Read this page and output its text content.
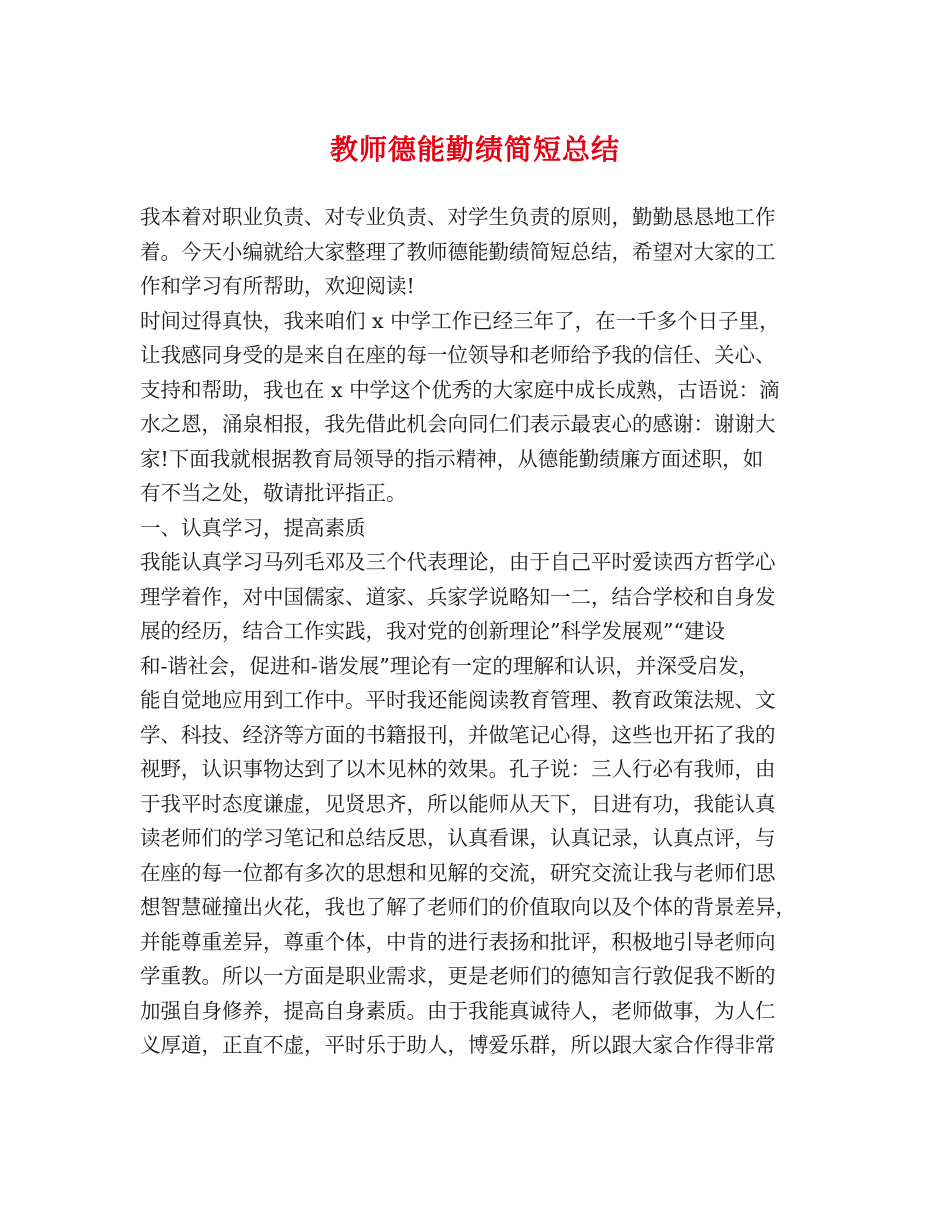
教师德能勤绩简短总结
我本着对职业负责、对专业负责、对学生负责的原则，勤勤恳恳地工作
着。今天小编就给大家整理了教师德能勤绩简短总结，希望对大家的工
作和学习有所帮助，欢迎阅读!
时间过得真快，我来咱们 x 中学工作已经三年了，在一千多个日子里，
让我感同身受的是来自在座的每一位领导和老师给予我的信任、关心、
支持和帮助，我也在 x 中学这个优秀的大家庭中成长成熟，古语说：滴
水之恩，涌泉相报，我先借此机会向同仁们表示最衷心的感谢：谢谢大
家!下面我就根据教育局领导的指示精神，从德能勤绩廉方面述职，如
有不当之处，敬请批评指正。
一、认真学习，提高素质
我能认真学习马列毛邓及三个代表理论，由于自己平时爱读西方哲学心
理学着作，对中国儒家、道家、兵家学说略知一二，结合学校和自身发
展的经历，结合工作实践，我对党的创新理论”科学发展观”“建设
和-谐社会，促进和-谐发展”理论有一定的理解和认识，并深受启发，
能自觉地应用到工作中。平时我还能阅读教育管理、教育政策法规、文
学、科技、经济等方面的书籍报刊，并做笔记心得，这些也开拓了我的
视野，认识事物达到了以木见林的效果。孔子说：三人行必有我师，由
于我平时态度谦虚，见贤思齐，所以能师从天下，日进有功，我能认真
读老师们的学习笔记和总结反思，认真看课，认真记录，认真点评，与
在座的每一位都有多次的思想和见解的交流，研究交流让我与老师们思
想智慧碰撞出火花，我也了解了老师们的价值取向以及个体的背景差异，
并能尊重差异，尊重个体，中肯的进行表扬和批评，积极地引导老师向
学重教。所以一方面是职业需求，更是老师们的德知言行敦促我不断的
加强自身修养，提高自身素质。由于我能真诚待人，老师做事，为人仁
义厚道，正直不虚，平时乐于助人，博爱乐群，所以跟大家合作得非常
